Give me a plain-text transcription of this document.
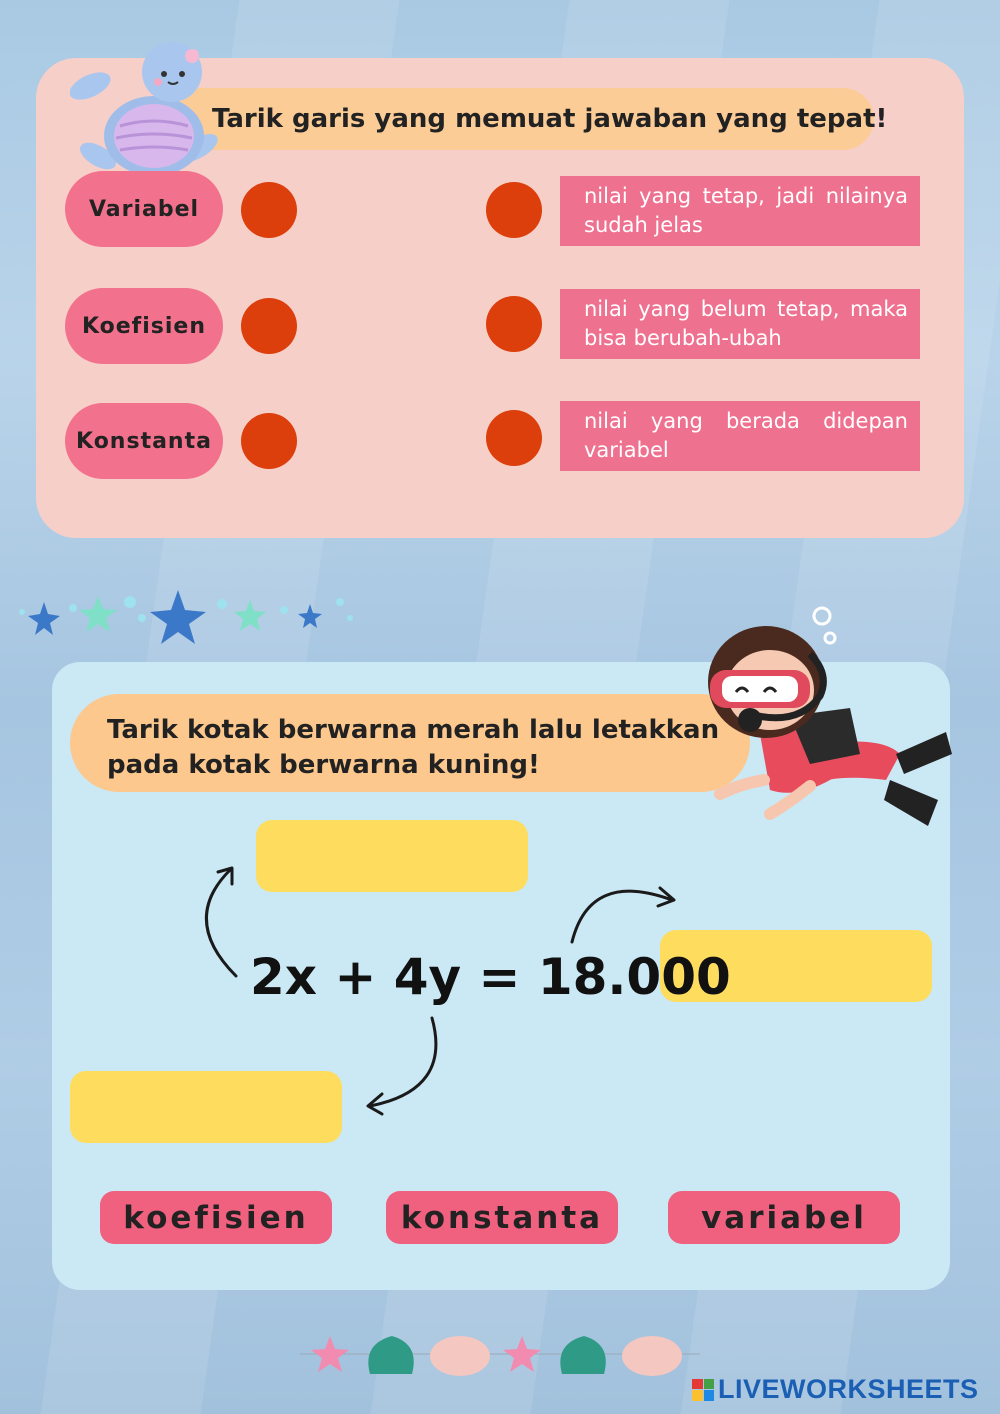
Tarik garis yang memuat jawaban yang tepat!
Variabel
Koefisien
Konstanta
nilai yang tetap, jadi nilainya sudah jelas
nilai yang belum tetap, maka bisa berubah-ubah
nilai yang berada didepan variabel
Tarik kotak berwarna merah lalu letakkan
pada kotak berwarna kuning!
2x + 4y = 18.000
koefisien	konstanta	variabel
LIVEWORKSHEETS
